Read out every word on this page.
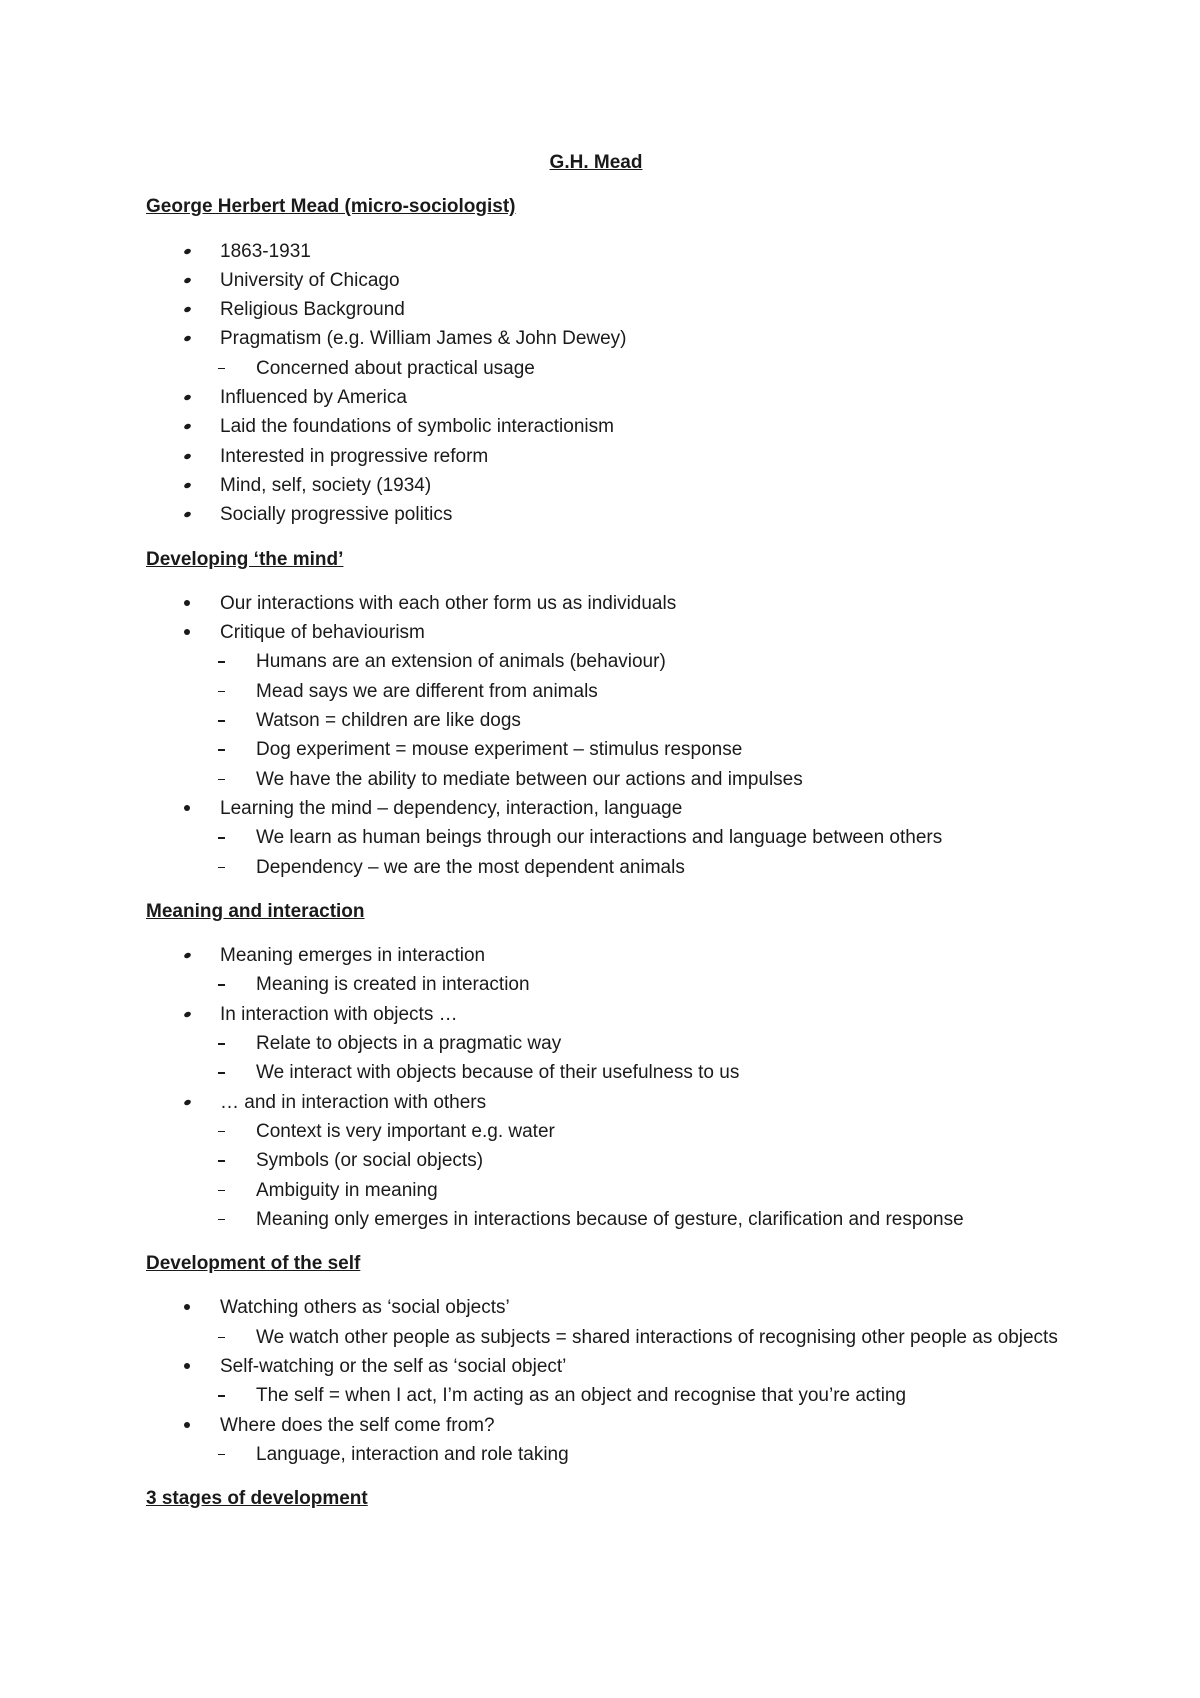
G.H. Mead
George Herbert Mead (micro-sociologist)
1863-1931
University of Chicago
Religious Background
Pragmatism (e.g. William James & John Dewey)
Concerned about practical usage
Influenced by America
Laid the foundations of symbolic interactionism
Interested in progressive reform
Mind, self, society (1934)
Socially progressive politics
Developing ‘the mind’
Our interactions with each other form us as individuals
Critique of behaviourism
Humans are an extension of animals (behaviour)
Mead says we are different from animals
Watson = children are like dogs
Dog experiment = mouse experiment – stimulus response
We have the ability to mediate between our actions and impulses
Learning the mind – dependency, interaction, language
We learn as human beings through our interactions and language between others
Dependency – we are the most dependent animals
Meaning and interaction
Meaning emerges in interaction
Meaning is created in interaction
In interaction with objects …
Relate to objects in a pragmatic way
We interact with objects because of their usefulness to us
… and in interaction with others
Context is very important e.g. water
Symbols (or social objects)
Ambiguity in meaning
Meaning only emerges in interactions because of gesture, clarification and response
Development of the self
Watching others as ‘social objects’
We watch other people as subjects = shared interactions of recognising other people as objects
Self-watching or the self as ‘social object’
The self = when I act, I’m acting as an object and recognise that you’re acting
Where does the self come from?
Language, interaction and role taking
3 stages of development
